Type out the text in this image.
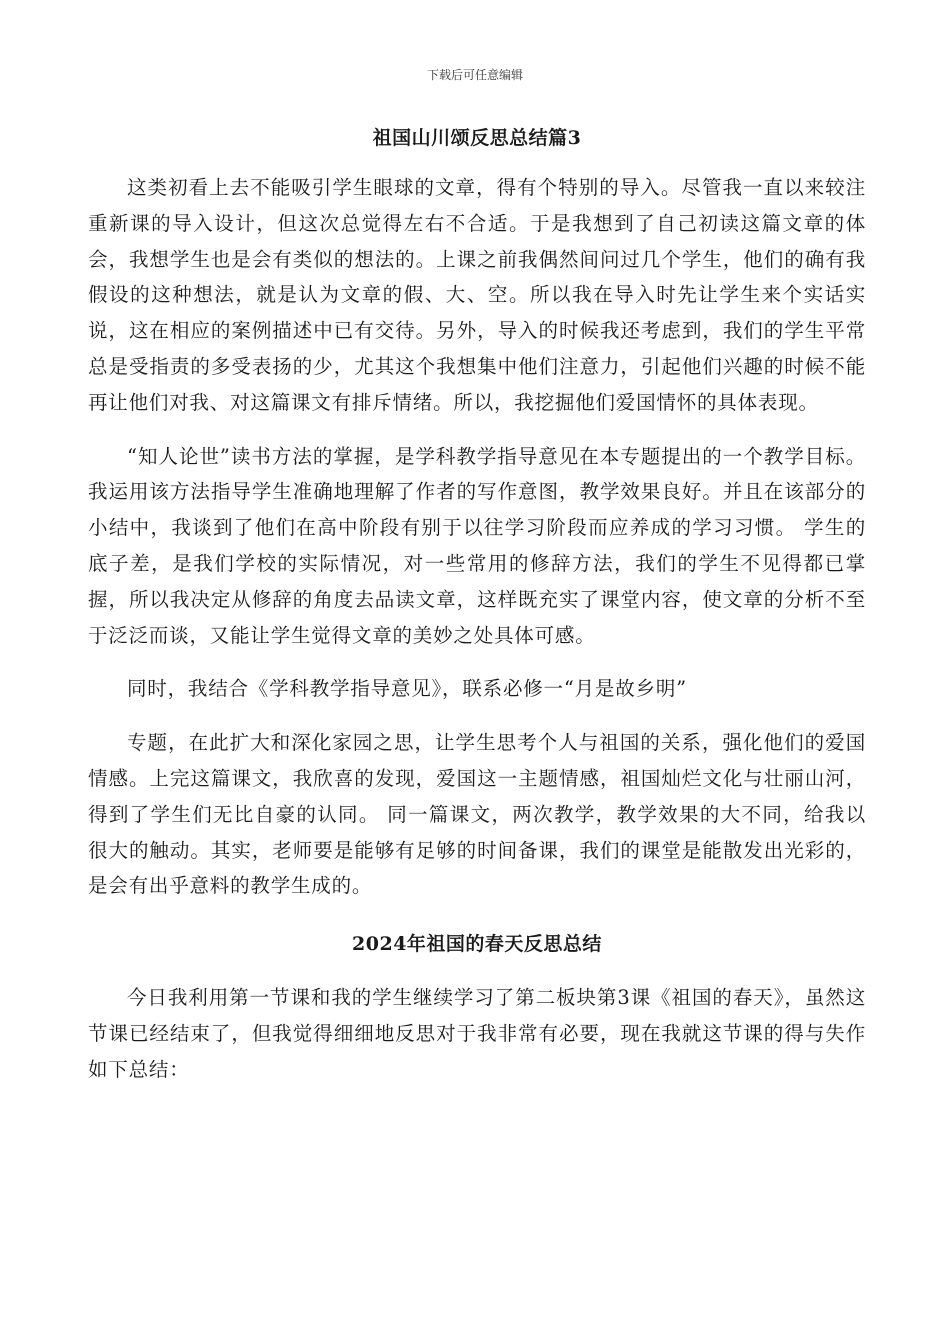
下载后可任意编辑
祖国山川颂反思总结篇3

这类初看上去不能吸引学生眼球的文章，得有个特别的导入。尽管我一直以来较注重新课的导入设计，但这次总觉得左右不合适。于是我想到了自己初读这篇文章的体会，我想学生也是会有类似的想法的。上课之前我偶然间问过几个学生，他们的确有我假设的这种想法，就是认为文章的假、大、空。所以我在导入时先让学生来个实话实说，这在相应的案例描述中已有交待。另外，导入的时候我还考虑到，我们的学生平常总是受指责的多受表扬的少，尤其这个我想集中他们注意力，引起他们兴趣的时候不能再让他们对我、对这篇课文有排斥情绪。所以，我挖掘他们爱国情怀的具体表现。

“知人论世”读书方法的掌握，是学科教学指导意见在本专题提出的一个教学目标。我运用该方法指导学生准确地理解了作者的写作意图，教学效果良好。并且在该部分的小结中，我谈到了他们在高中阶段有别于以往学习阶段而应养成的学习习惯。 学生的底子差，是我们学校的实际情况，对一些常用的修辞方法，我们的学生不见得都已掌握，所以我决定从修辞的角度去品读文章，这样既充实了课堂内容，使文章的分析不至于泛泛而谈，又能让学生觉得文章的美妙之处具体可感。

同时，我结合《学科教学指导意见》，联系必修一“月是故乡明”

专题，在此扩大和深化家园之思，让学生思考个人与祖国的关系，强化他们的爱国情感。上完这篇课文，我欣喜的发现，爱国这一主题情感，祖国灿烂文化与壮丽山河，得到了学生们无比自豪的认同。 同一篇课文，两次教学，教学效果的大不同，给我以很大的触动。其实，老师要是能够有足够的时间备课，我们的课堂是能散发出光彩的，是会有出乎意料的教学生成的。

2024年祖国的春天反思总结

今日我利用第一节课和我的学生继续学习了第二板块第3课《祖国的春天》，虽然这节课已经结束了，但我觉得细细地反思对于我非常有必要，现在我就这节课的得与失作如下总结：
